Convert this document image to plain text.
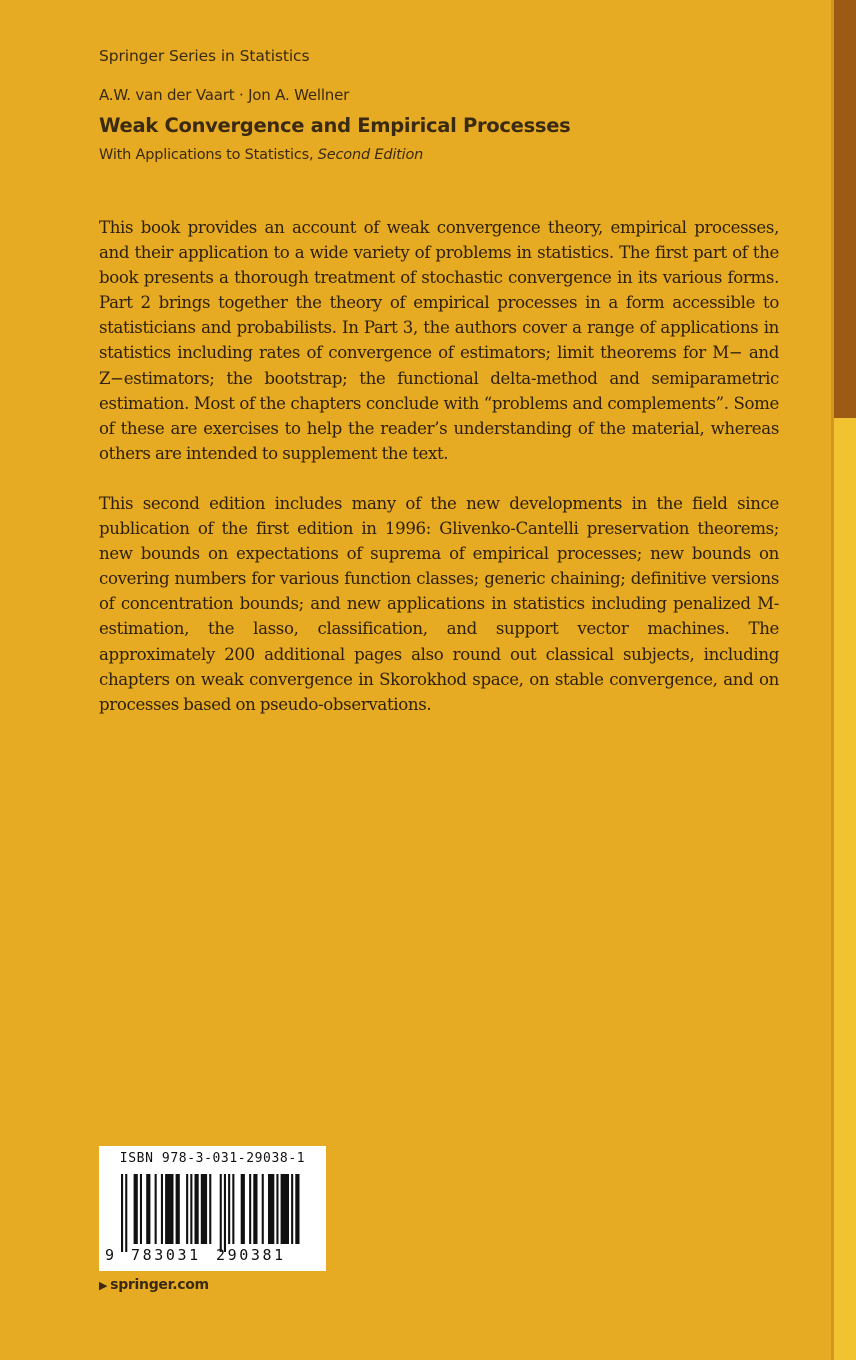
Springer Series in Statistics
A.W. van der Vaart · Jon A. Wellner
Weak Convergence and Empirical Processes
With Applications to Statistics, Second Edition

This book provides an account of weak convergence theory, empirical processes, and their application to a wide variety of problems in statistics. The first part of the book presents a thorough treatment of stochastic convergence in its various forms. Part 2 brings together the theory of empirical processes in a form accessible to statisticians and probabilists. In Part 3, the authors cover a range of applications in statistics including rates of convergence of estimators; limit theorems for M− and Z−estimators; the bootstrap; the functional delta-method and semiparametric estimation. Most of the chapters conclude with “problems and complements”. Some of these are exercises to help the reader’s understanding of the material, whereas others are intended to supplement the text.

This second edition includes many of the new developments in the field since publication of the first edition in 1996: Glivenko-Cantelli preservation theorems; new bounds on expectations of suprema of empirical processes; new bounds on covering numbers for various function classes; generic chaining; definitive versions of concentration bounds; and new applications in statistics including penalized M-estimation, the lasso, classification, and support vector machines. The approximately 200 additional pages also round out classical subjects, including chapters on weak convergence in Skorokhod space, on stable convergence, and on processes based on pseudo-observations.

ISBN 978-3-031-29038-1
9 783031 290381
▶ springer.com
